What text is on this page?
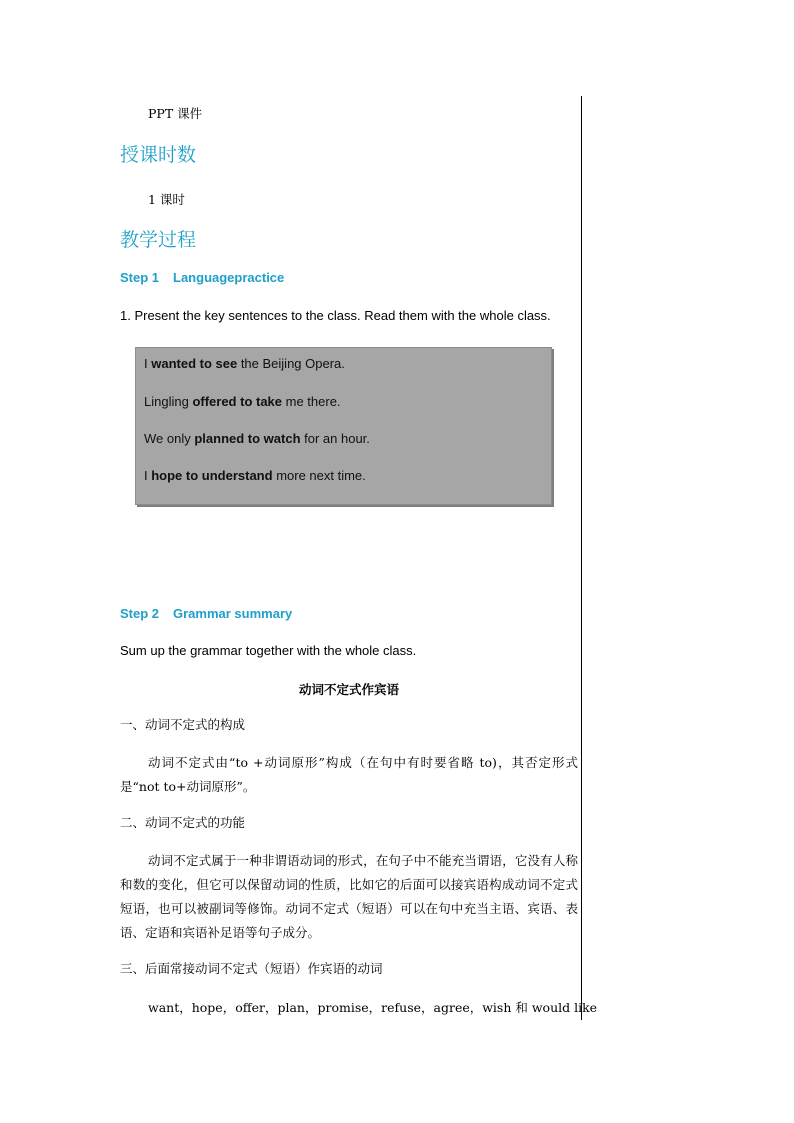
PPT 课件
授课时数
1 课时
教学过程
Step 1 Languagepractice
1. Present the key sentences to the class. Read them with the whole class.
I wanted to see the Beijing Opera.
Lingling offered to take me there.
We only planned to watch for an hour.
I hope to understand more next time.
Step 2 Grammar summary
Sum up the grammar together with the whole class.
动词不定式作宾语
一、动词不定式的构成
动词不定式由“to +动词原形”构成（在句中有时要省略 to)，其否定形式是“not to+动词原形”。
二、动词不定式的功能
动词不定式属于一种非谓语动词的形式，在句子中不能充当谓语，它没有人称和数的变化，但它可以保留动词的性质，比如它的后面可以接宾语构成动词不定式短语，也可以被副词等修饰。动词不定式（短语）可以在句中充当主语、宾语、表语、定语和宾语补足语等句子成分。
三、后面常接动词不定式（短语）作宾语的动词
want，hope，offer，plan，promise，refuse，agree，wish 和 would like
